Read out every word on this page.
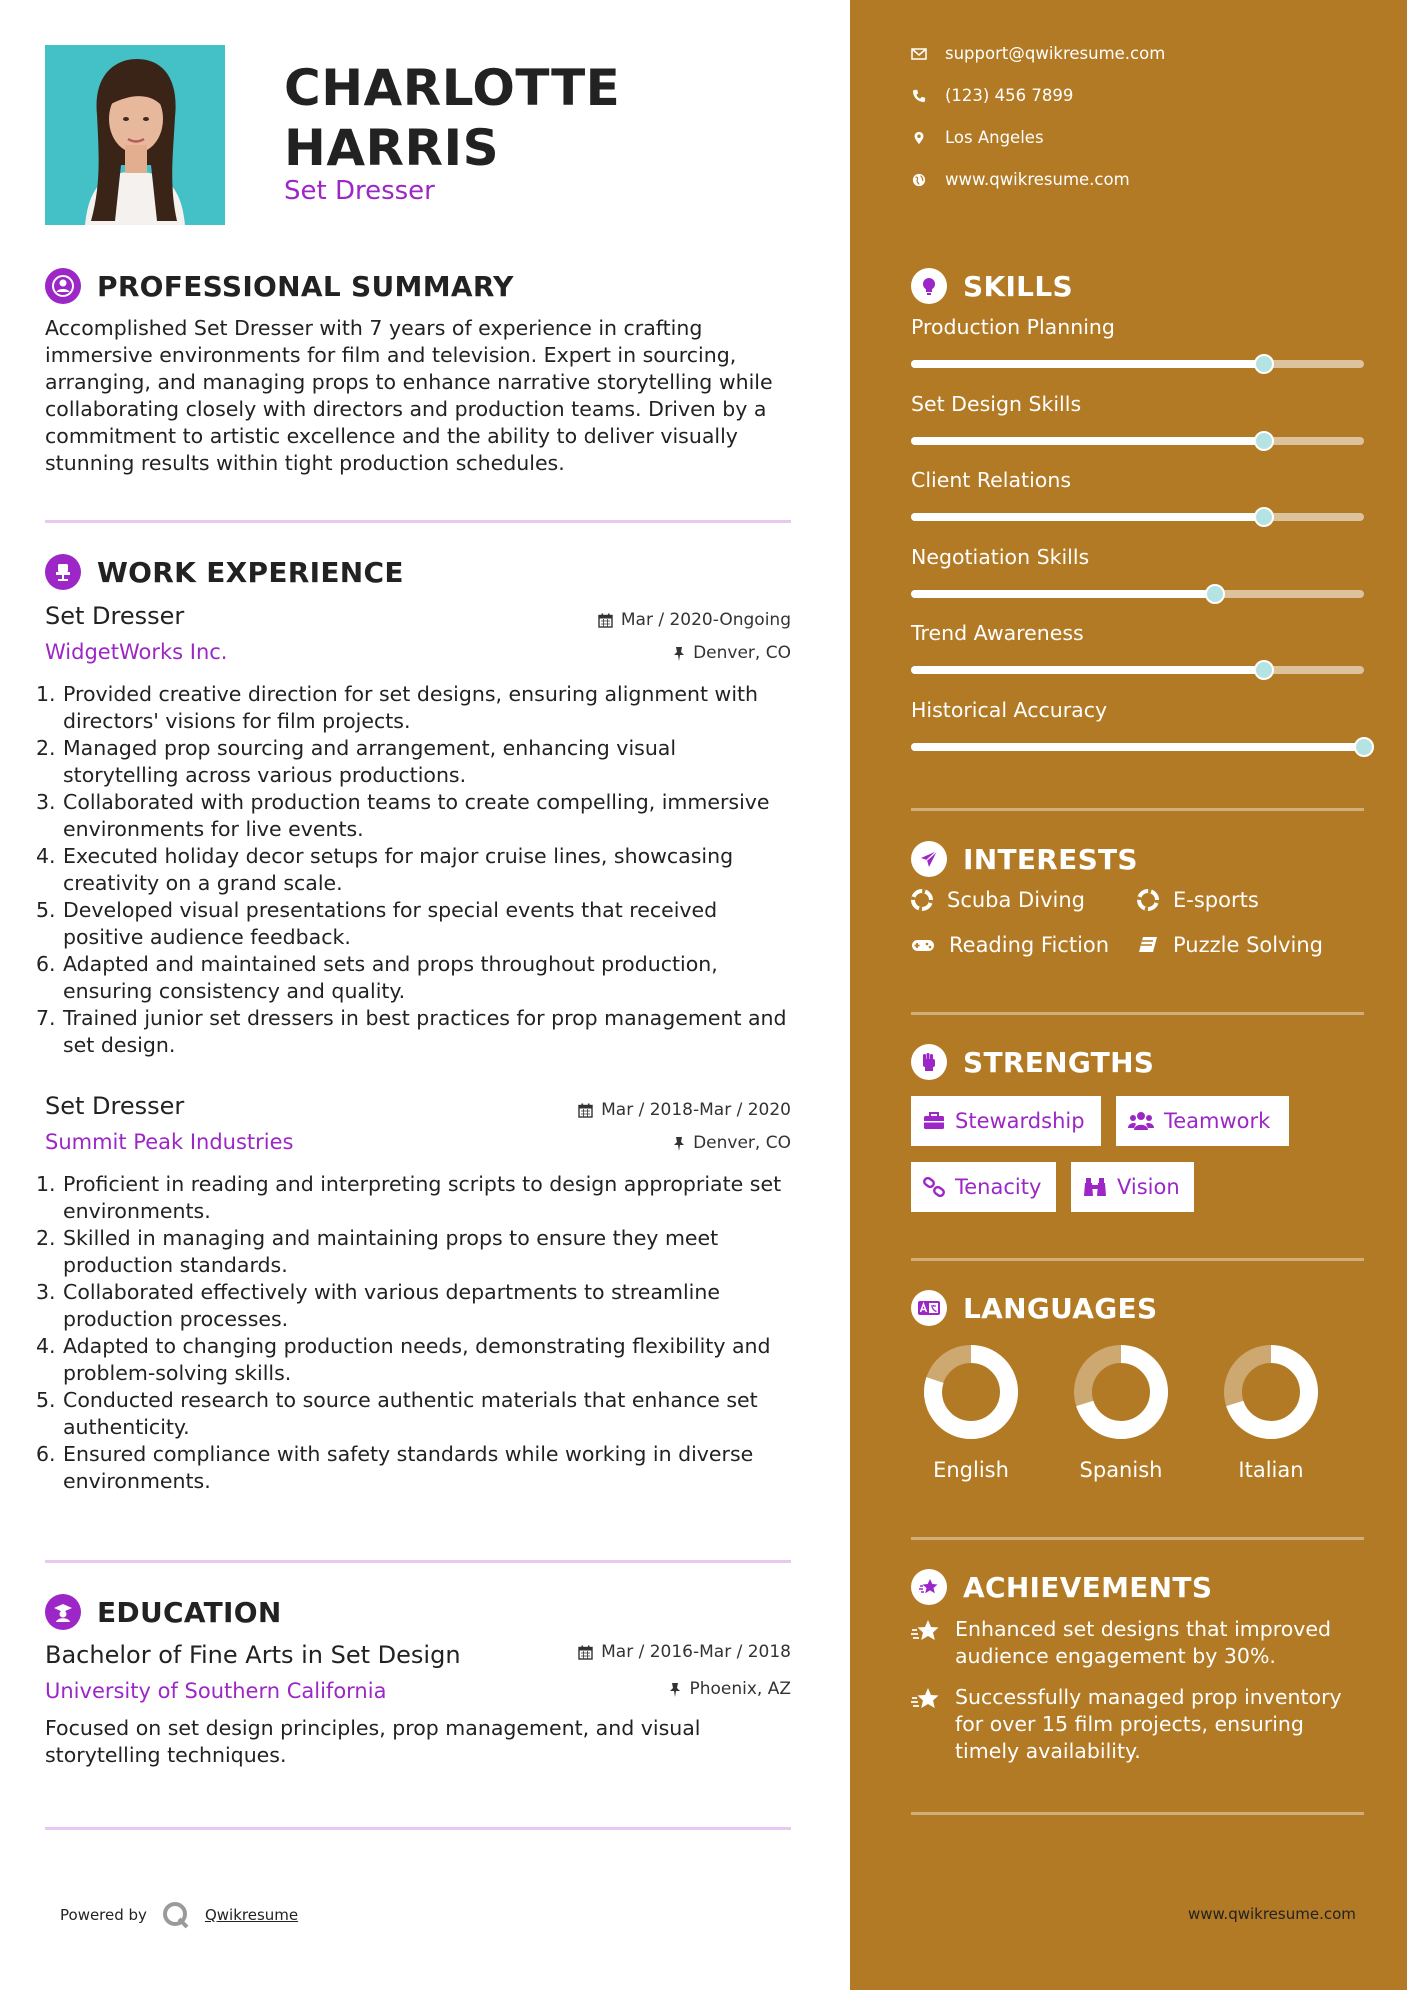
CHARLOTTE
HARRIS
Set Dresser
PROFESSIONAL SUMMARY
Accomplished Set Dresser with 7 years of experience in crafting immersive environments for film and television. Expert in sourcing, arranging, and managing props to enhance narrative storytelling while collaborating closely with directors and production teams. Driven by a commitment to artistic excellence and the ability to deliver visually stunning results within tight production schedules.
WORK EXPERIENCE
Set Dresser	Mar / 2020-Ongoing
WidgetWorks Inc.	Denver, CO
1. Provided creative direction for set designs, ensuring alignment with directors' visions for film projects.
2. Managed prop sourcing and arrangement, enhancing visual storytelling across various productions.
3. Collaborated with production teams to create compelling, immersive environments for live events.
4. Executed holiday decor setups for major cruise lines, showcasing creativity on a grand scale.
5. Developed visual presentations for special events that received positive audience feedback.
6. Adapted and maintained sets and props throughout production, ensuring consistency and quality.
7. Trained junior set dressers in best practices for prop management and set design.
Set Dresser	Mar / 2018-Mar / 2020
Summit Peak Industries	Denver, CO
1. Proficient in reading and interpreting scripts to design appropriate set environments.
2. Skilled in managing and maintaining props to ensure they meet production standards.
3. Collaborated effectively with various departments to streamline production processes.
4. Adapted to changing production needs, demonstrating flexibility and problem-solving skills.
5. Conducted research to source authentic materials that enhance set authenticity.
6. Ensured compliance with safety standards while working in diverse environments.
EDUCATION
Bachelor of Fine Arts in Set Design	Mar / 2016-Mar / 2018
University of Southern California	Phoenix, AZ
Focused on set design principles, prop management, and visual storytelling techniques.
Powered by	Qwikresume
support@qwikresume.com
(123) 456 7899
Los Angeles
www.qwikresume.com
SKILLS
Production Planning
Set Design Skills
Client Relations
Negotiation Skills
Trend Awareness
Historical Accuracy
INTERESTS
Scuba Diving	E-sports
Reading Fiction	Puzzle Solving
STRENGTHS
Stewardship	Teamwork
Tenacity	Vision
LANGUAGES
English	Spanish	Italian
ACHIEVEMENTS
Enhanced set designs that improved audience engagement by 30%.
Successfully managed prop inventory for over 15 film projects, ensuring timely availability.
www.qwikresume.com
